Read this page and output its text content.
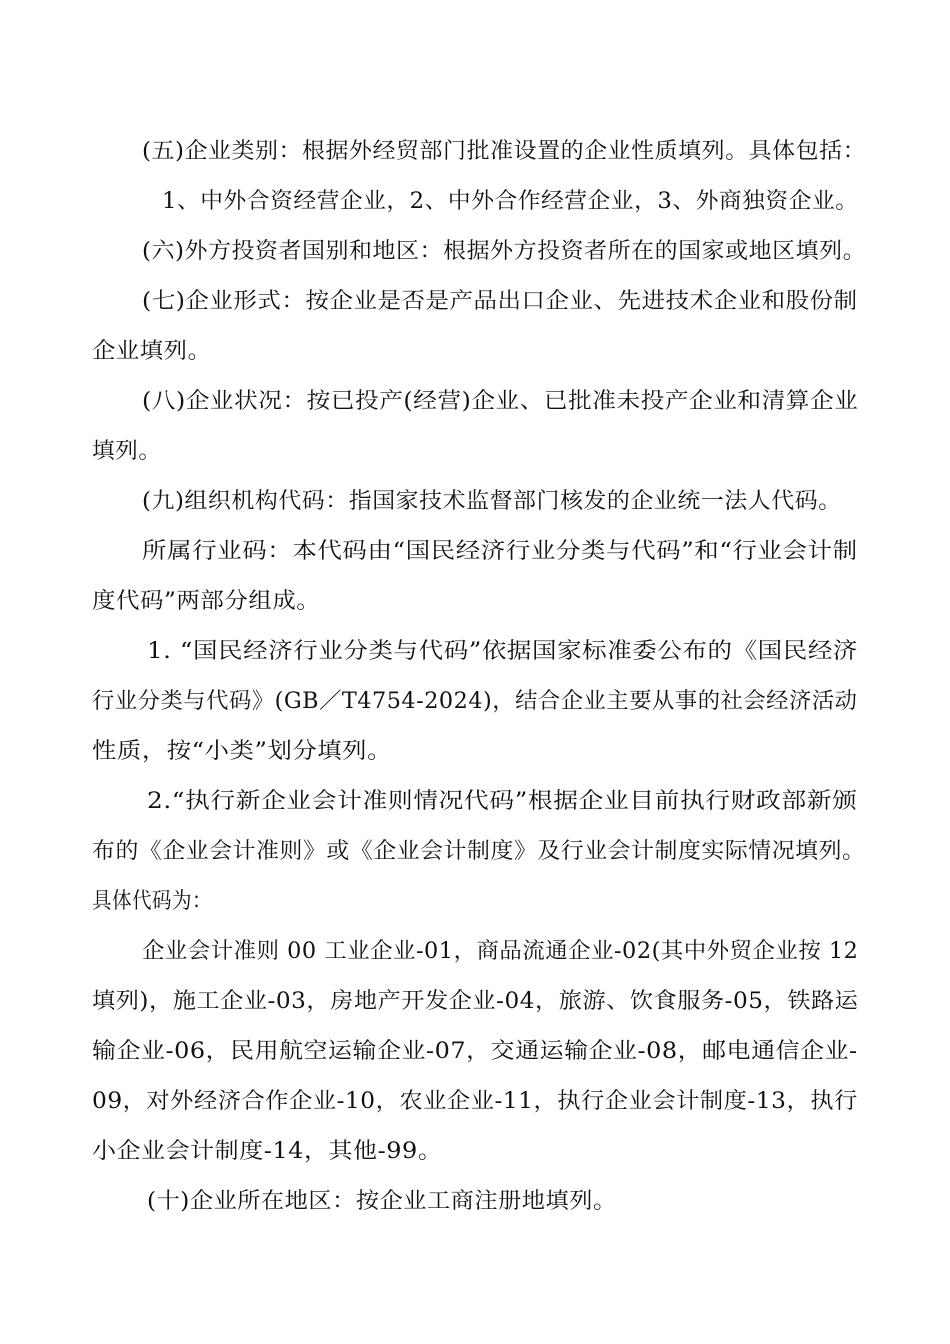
(五)企业类别：根据外经贸部门批准设置的企业性质填列。具体包括：
1、中外合资经营企业，2、中外合作经营企业，3、外商独资企业。
(六)外方投资者国别和地区：根据外方投资者所在的国家或地区填列。
(七)企业形式：按企业是否是产品出口企业、先进技术企业和股份制
企业填列。
(八)企业状况：按已投产(经营)企业、已批准未投产企业和清算企业
填列。
(九)组织机构代码：指国家技术监督部门核发的企业统一法人代码。
所属行业码：本代码由“国民经济行业分类与代码”和“行业会计制
度代码”两部分组成。
1. “国民经济行业分类与代码”依据国家标准委公布的《国民经济
行业分类与代码》(GB／T4754-2024)，结合企业主要从事的社会经济活动
性质，按“小类”划分填列。
2.“执行新企业会计准则情况代码”根据企业目前执行财政部新颁
布的《企业会计准则》或《企业会计制度》及行业会计制度实际情况填列。
具体代码为：
企业会计准则 00 工业企业-01，商品流通企业-02(其中外贸企业按 12
填列)，施工企业-03，房地产开发企业-04，旅游、饮食服务-05，铁路运
输企业-06，民用航空运输企业-07，交通运输企业-08，邮电通信企业-
09，对外经济合作企业-10，农业企业-11，执行企业会计制度-13，执行
小企业会计制度-14，其他-99。
(十)企业所在地区：按企业工商注册地填列。
